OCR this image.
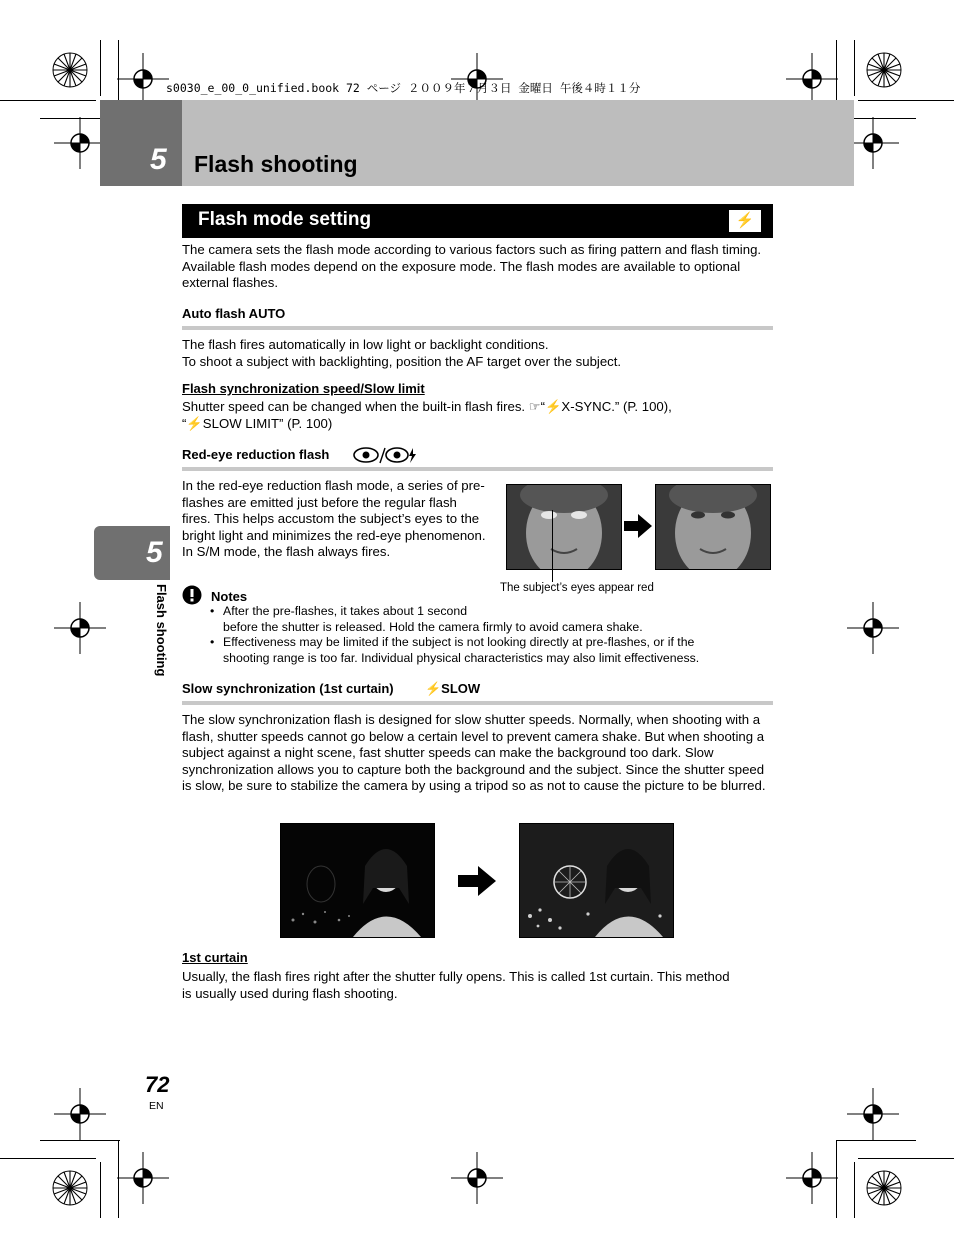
s0030_e_00_0_unified.book 72 ページ ２００９年７月３日 金曜日 午後４時１１分
5	Flash shooting
Flash mode setting	⚡
The camera sets the flash mode according to various factors such as firing pattern and flash timing. Available flash modes depend on the exposure mode. The flash modes are available to optional external flashes.
Auto flash AUTO
The flash fires automatically in low light or backlight conditions.
To shoot a subject with backlighting, position the AF target over the subject.
Flash synchronization speed/Slow limit
Shutter speed can be changed when the built-in flash fires. ☞“⚡X-SYNC.” (P. 100),
“⚡SLOW LIMIT” (P. 100)
Red-eye reduction flash
In the red-eye reduction flash mode, a series of pre-flashes are emitted just before the regular flash fires. This helps accustom the subject’s eyes to the bright light and minimizes the red-eye phenomenon. In S/M mode, the flash always fires.
The subject’s eyes appear red
Notes
• After the pre-flashes, it takes about 1 second
before the shutter is released. Hold the camera firmly to avoid camera shake.
• Effectiveness may be limited if the subject is not looking directly at pre-flashes, or if the
shooting range is too far. Individual physical characteristics may also limit effectiveness.
Slow synchronization (1st curtain) ⚡SLOW
The slow synchronization flash is designed for slow shutter speeds. Normally, when shooting with a flash, shutter speeds cannot go below a certain level to prevent camera shake. But when shooting a subject against a night scene, fast shutter speeds can make the background too dark. Slow synchronization allows you to capture both the background and the subject. Since the shutter speed is slow, be sure to stabilize the camera by using a tripod so as not to cause the picture to be blurred.
1st curtain
Usually, the flash fires right after the shutter fully opens. This is called 1st curtain. This method is usually used during flash shooting.
5
Flash shooting
72
EN
